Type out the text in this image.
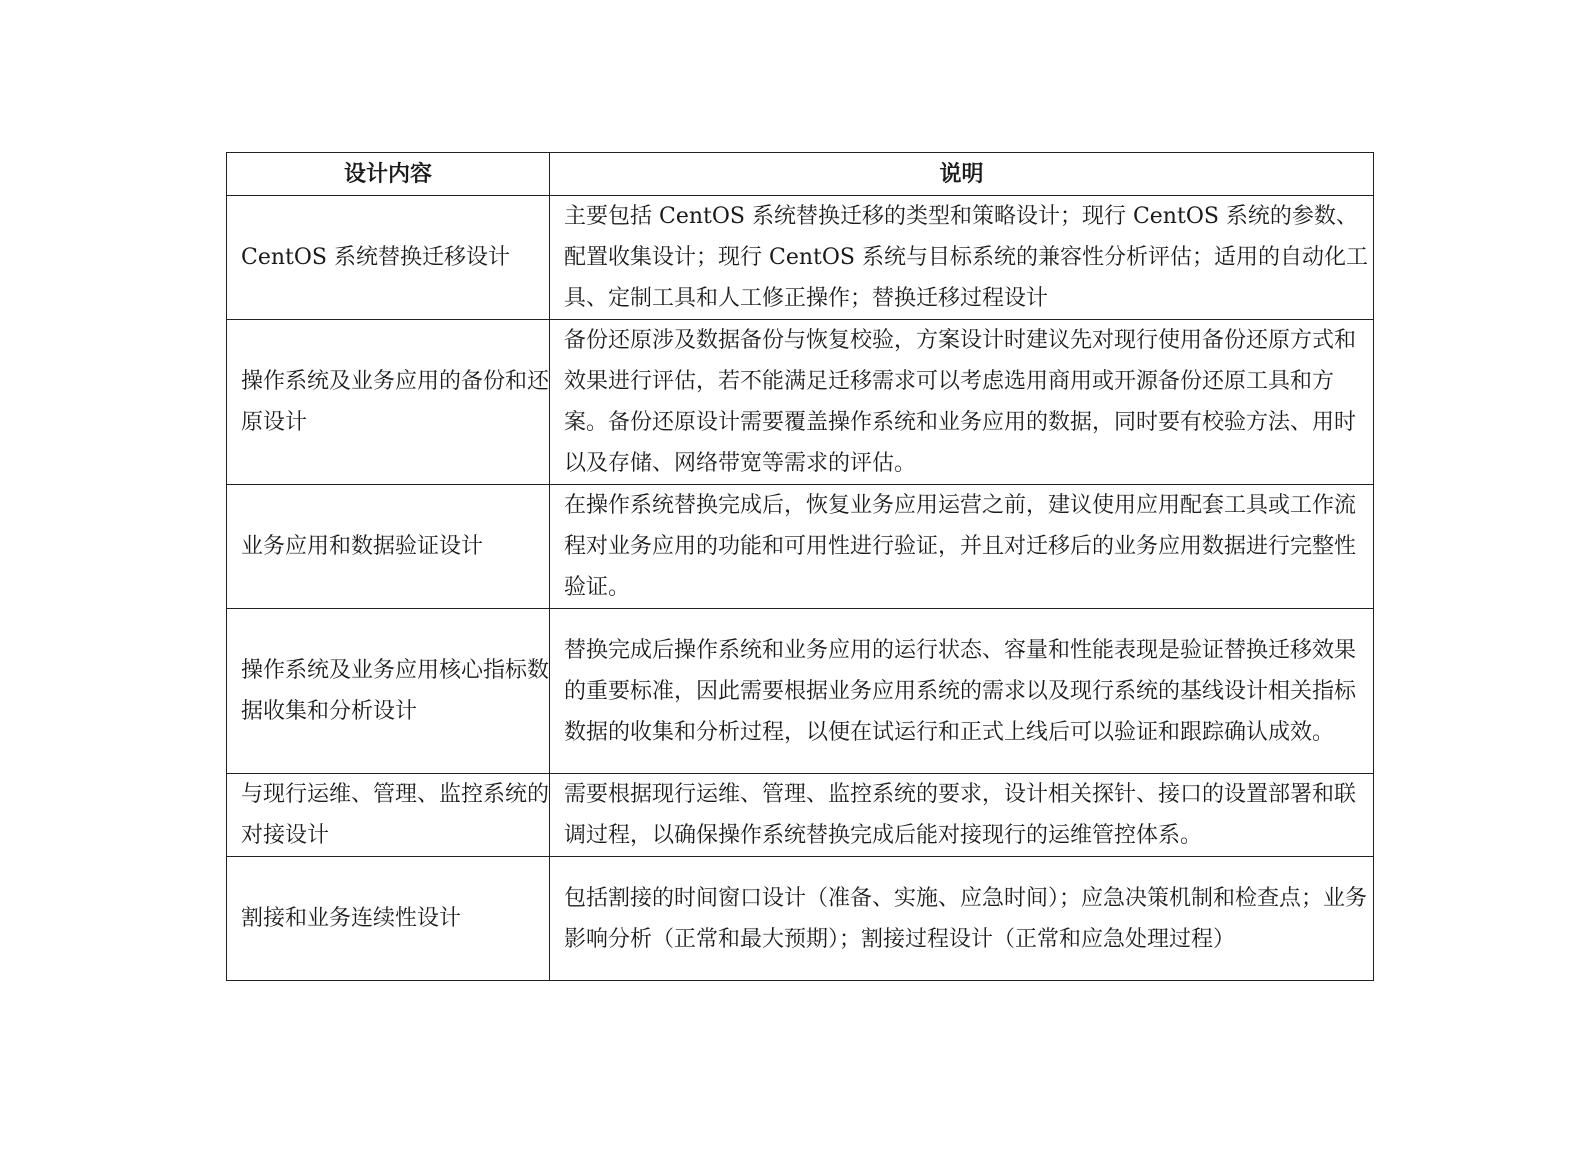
设计内容	说明
CentOS 系统替换迁移设计	主要包括 CentOS 系统替换迁移的类型和策略设计；现行 CentOS 系统的参数、配置收集设计；现行 CentOS 系统与目标系统的兼容性分析评估；适用的自动化工具、定制工具和人工修正操作；替换迁移过程设计
操作系统及业务应用的备份和还原设计	备份还原涉及数据备份与恢复校验，方案设计时建议先对现行使用备份还原方式和效果进行评估，若不能满足迁移需求可以考虑选用商用或开源备份还原工具和方案。备份还原设计需要覆盖操作系统和业务应用的数据，同时要有校验方法、用时以及存储、网络带宽等需求的评估。
业务应用和数据验证设计	在操作系统替换完成后，恢复业务应用运营之前，建议使用应用配套工具或工作流程对业务应用的功能和可用性进行验证，并且对迁移后的业务应用数据进行完整性验证。
操作系统及业务应用核心指标数据收集和分析设计	替换完成后操作系统和业务应用的运行状态、容量和性能表现是验证替换迁移效果的重要标准，因此需要根据业务应用系统的需求以及现行系统的基线设计相关指标数据的收集和分析过程，以便在试运行和正式上线后可以验证和跟踪确认成效。
与现行运维、管理、监控系统的对接设计	需要根据现行运维、管理、监控系统的要求，设计相关探针、接口的设置部署和联调过程，以确保操作系统替换完成后能对接现行的运维管控体系。
割接和业务连续性设计	包括割接的时间窗口设计（准备、实施、应急时间）；应急决策机制和检查点；业务影响分析（正常和最大预期）；割接过程设计（正常和应急处理过程）
